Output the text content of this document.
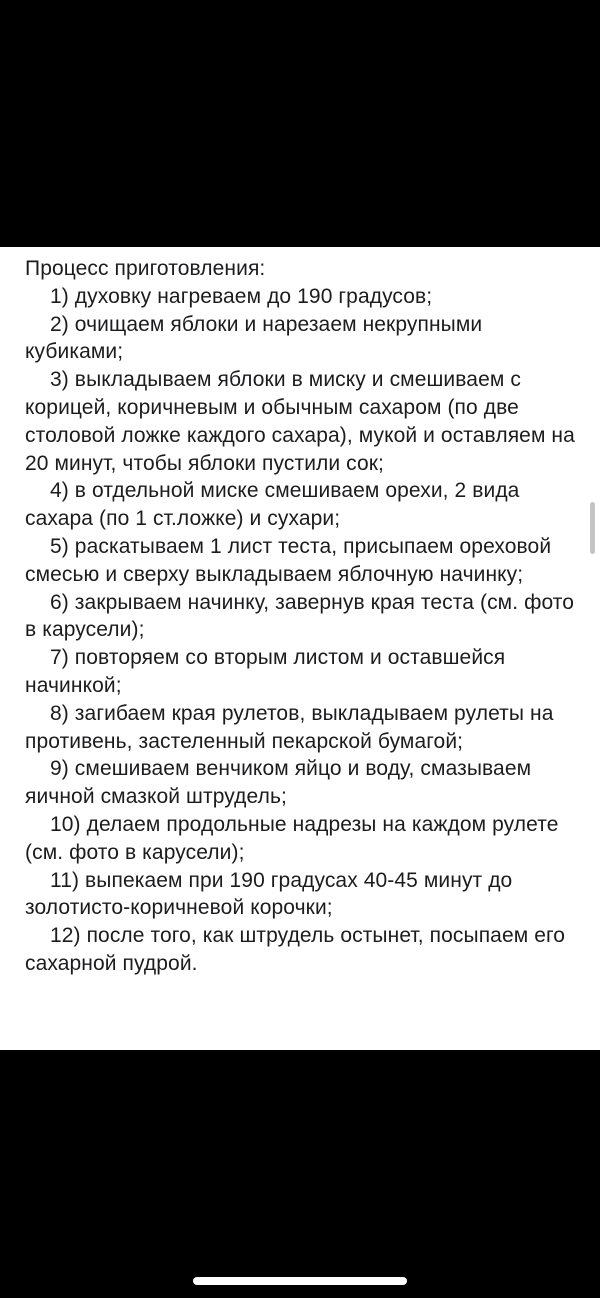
Процесс приготовления:
1) духовку нагреваем до 190 градусов;
2) очищаем яблоки и нарезаем некрупными кубиками;
3) выкладываем яблоки в миску и смешиваем с корицей, коричневым и обычным сахаром (по две столовой ложке каждого сахара), мукой и оставляем на 20 минут, чтобы яблоки пустили сок;
4) в отдельной миске смешиваем орехи, 2 вида сахара (по 1 ст.ложке) и сухари;
5) раскатываем 1 лист теста, присыпаем ореховой смесью и сверху выкладываем яблочную начинку;
6) закрываем начинку, завернув края теста (см. фото в карусели);
7) повторяем со вторым листом и оставшейся начинкой;
8) загибаем края рулетов, выкладываем рулеты на противень, застеленный пекарской бумагой;
9) смешиваем венчиком яйцо и воду, смазываем яичной смазкой штрудель;
10) делаем продольные надрезы на каждом рулете (см. фото в карусели);
11) выпекаем при 190 градусах 40-45 минут до золотисто-коричневой корочки;
12) после того, как штрудель остынет, посыпаем его сахарной пудрой.
